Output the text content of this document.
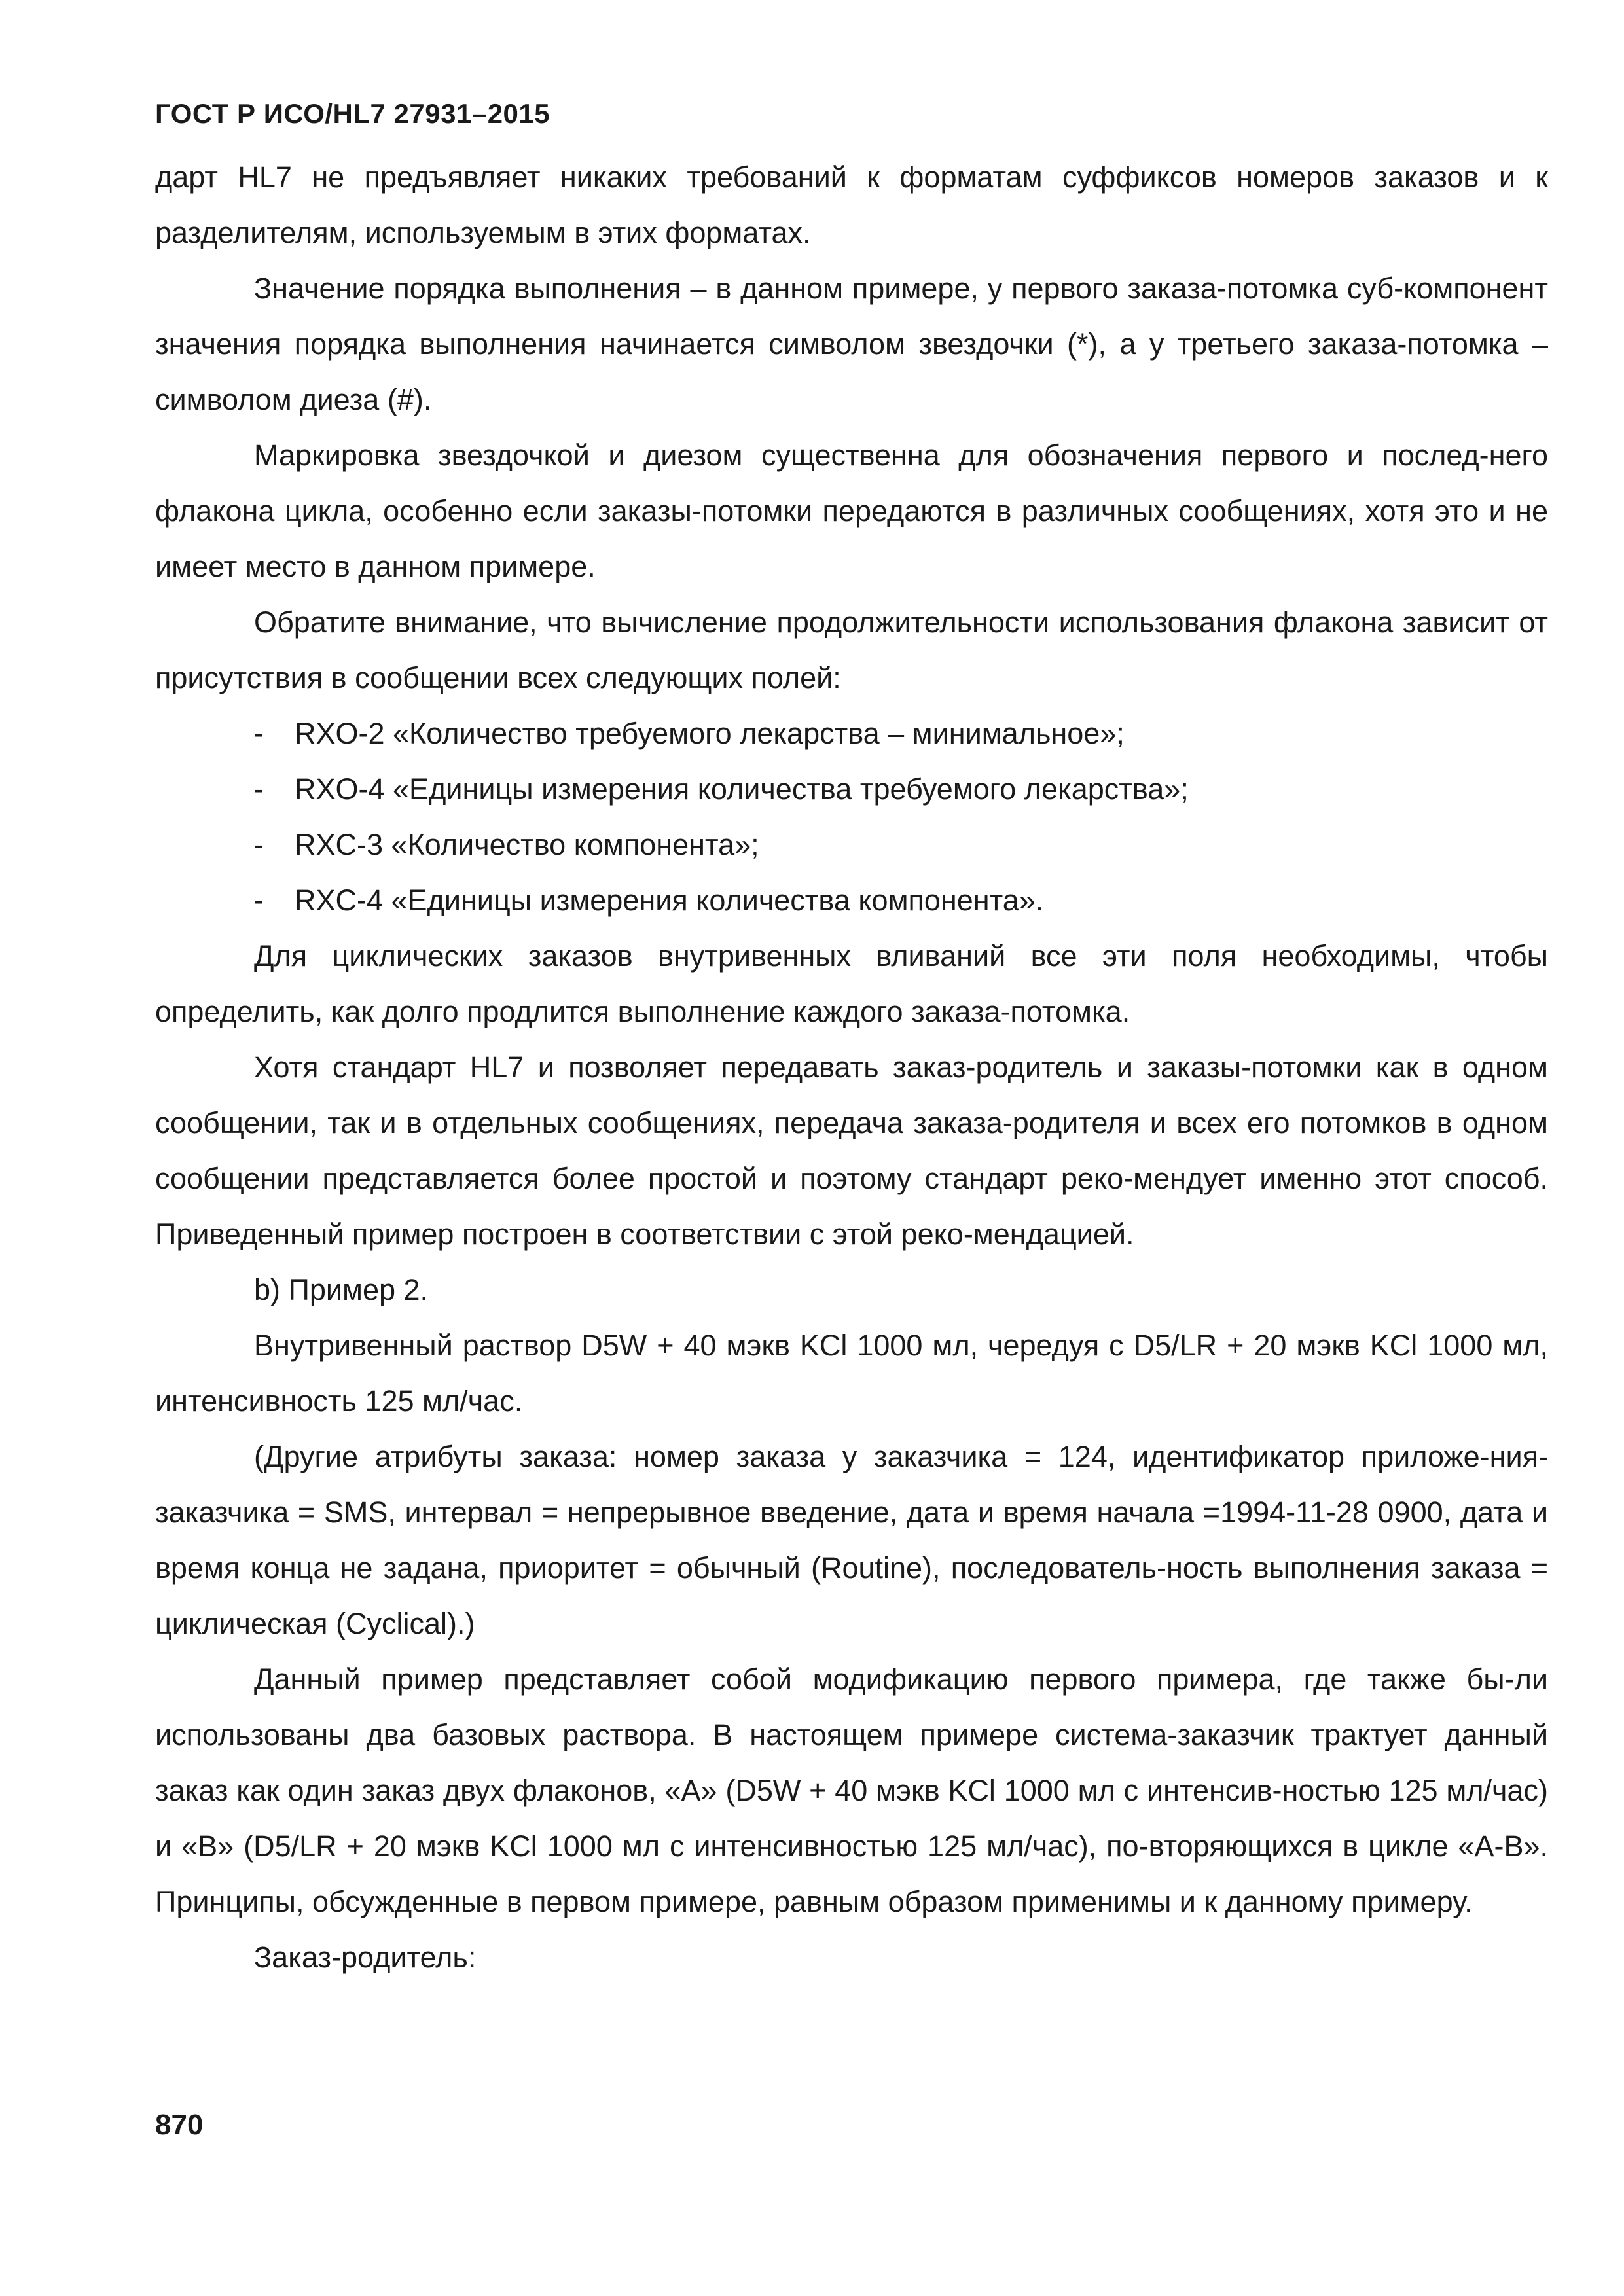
ГОСТ Р ИСО/HL7 27931–2015

дарт HL7 не предъявляет никаких требований к форматам суффиксов номеров заказов и к разделителям, используемым в этих форматах.

Значение порядка выполнения – в данном примере, у первого заказа-потомка суб-компонент значения порядка выполнения начинается символом звездочки (*), а у третьего заказа-потомка – символом диеза (#).

Маркировка звездочкой и диезом существенна для обозначения первого и послед-него флакона цикла, особенно если заказы-потомки передаются в различных сообщениях, хотя это и не имеет место в данном примере.

Обратите внимание, что вычисление продолжительности использования флакона зависит от присутствия в сообщении всех следующих полей:

- RXO-2 «Количество требуемого лекарства – минимальное»;
- RXO-4 «Единицы измерения количества требуемого лекарства»;
- RXC-3 «Количество компонента»;
- RXC-4 «Единицы измерения количества компонента».

Для циклических заказов внутривенных вливаний все эти поля необходимы, чтобы определить, как долго продлится выполнение каждого заказа-потомка.

Хотя стандарт HL7 и позволяет передавать заказ-родитель и заказы-потомки как в одном сообщении, так и в отдельных сообщениях, передача заказа-родителя и всех его потомков в одном сообщении представляется более простой и поэтому стандарт реко-мендует именно этот способ. Приведенный пример построен в соответствии с этой реко-мендацией.

b) Пример 2.

Внутривенный раствор D5W + 40 мэкв KCl 1000 мл, чередуя с D5/LR + 20 мэкв KCl 1000 мл, интенсивность 125 мл/час.

(Другие атрибуты заказа: номер заказа у заказчика = 124, идентификатор приложе-ния-заказчика = SMS, интервал = непрерывное введение, дата и время начала =1994-11-28 0900, дата и время конца не задана, приоритет = обычный (Routine), последователь-ность выполнения заказа = циклическая (Cyclical).)

Данный пример представляет собой модификацию первого примера, где также бы-ли использованы два базовых раствора. В настоящем примере система-заказчик трактует данный заказ как один заказ двух флаконов, «A» (D5W + 40 мэкв KCl 1000 мл с интенсив-ностью 125 мл/час) и «B» (D5/LR + 20 мэкв KCl 1000 мл с интенсивностью 125 мл/час), по-вторяющихся в цикле «A-B». Принципы, обсужденные в первом примере, равным образом применимы и к данному примеру.

Заказ-родитель:

870
